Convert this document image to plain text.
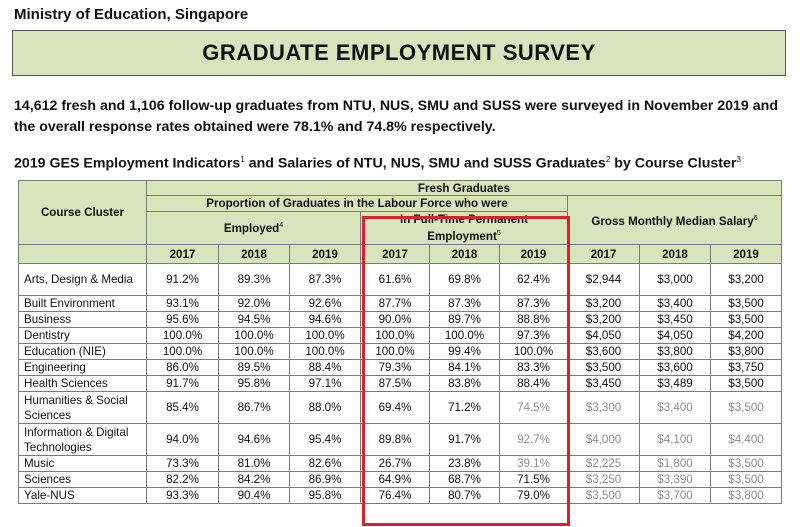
Ministry of Education, Singapore
GRADUATE EMPLOYMENT SURVEY
14,612 fresh and 1,106 follow-up graduates from NTU, NUS, SMU and SUSS were surveyed in November 2019 and the overall response rates obtained were 78.1% and 74.8% respectively.
2019 GES Employment Indicators$^1$ and Salaries of NTU, NUS, SMU and SUSS Graduates$^2$ by Course Cluster$^3$
Course Cluster	Fresh Graduates								
	Proportion of Graduates in the Labour Force who were						Gross Monthly Median Salary$^6$
	Employed$^4$			In Full-Time Permanent
Employment$^5$
	2017	2018	2019	2017	2018	2019	2017	2018	2019
Arts, Design & Media	91.2%	89.3%	87.3%	61.6%	69.8%	62.4%	$2,944	$3,000	$3,200
Built Environment	93.1%	92.0%	92.6%	87.7%	87.3%	87.3%	$3,200	$3,400	$3,500
Business	95.6%	94.5%	94.6%	90.0%	89.7%	88.8%	$3,200	$3,450	$3,500
Dentistry	100.0%	100.0%	100.0%	100.0%	100.0%	97.3%	$4,050	$4,050	$4,200
Education (NIE)	100.0%	100.0%	100.0%	100.0%	99.4%	100.0%	$3,600	$3,800	$3,800
Engineering	86.0%	89.5%	88.4%	79.3%	84.1%	83.3%	$3,500	$3,600	$3,750
Health Sciences	91.7%	95.8%	97.1%	87.5%	83.8%	88.4%	$3,450	$3,489	$3,500
Humanities & Social Sciences	85.4%	86.7%	88.0%	69.4%	71.2%	74.5%	$3,300	$3,400	$3,500
Information & Digital Technologies	94.0%	94.6%	95.4%	89.8%	91.7%	92.7%	$4,000	$4,100	$4,400
Music	73.3%	81.0%	82.6%	26.7%	23.8%	39.1%	$2,225	$1,800	$3,500
Sciences	82.2%	84.2%	86.9%	64.9%	68.7%	71.5%	$3,250	$3,390	$3,500
Yale-NUS	93.3%	90.4%	95.8%	76.4%	80.7%	79.0%	$3,500	$3,700	$3,800
